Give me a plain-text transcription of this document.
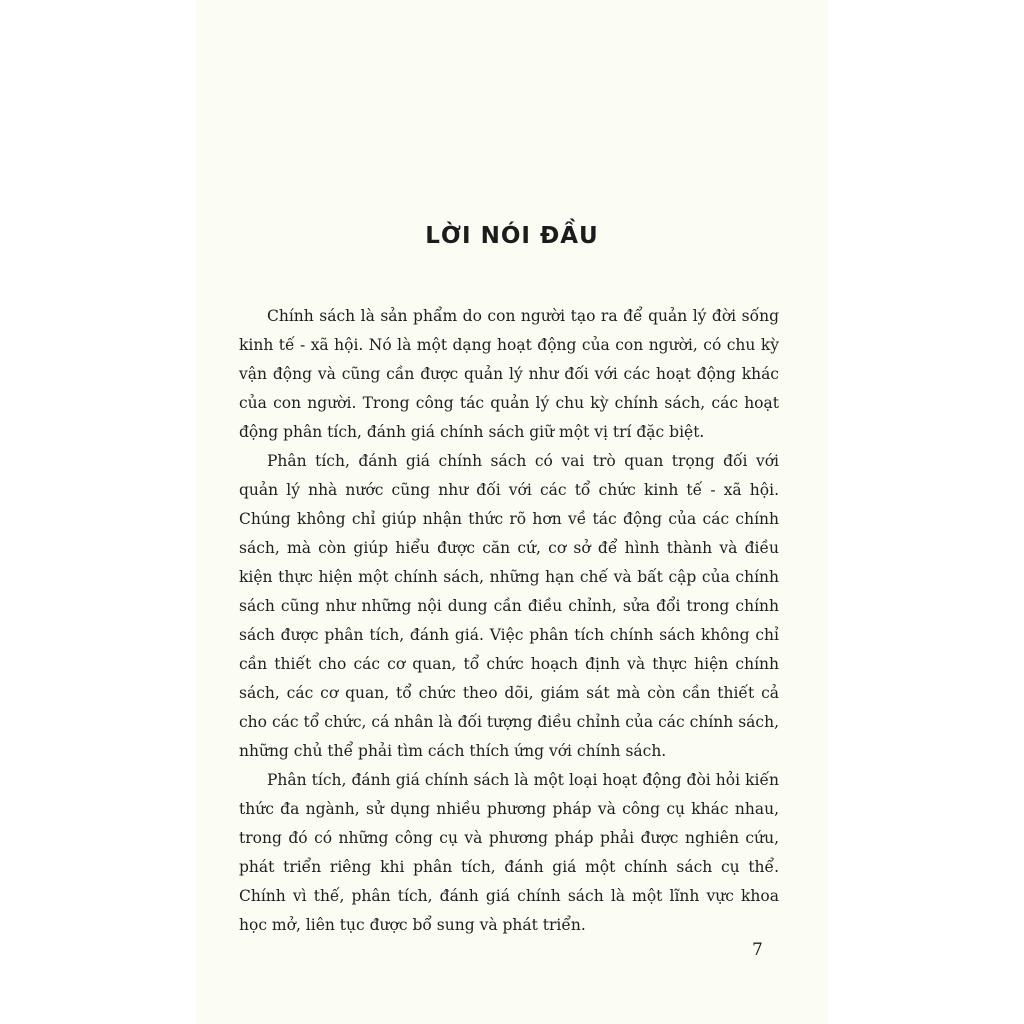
LỜI NÓI ĐẦU

Chính sách là sản phẩm do con người tạo ra để quản lý đời sống kinh tế - xã hội. Nó là một dạng hoạt động của con người, có chu kỳ vận động và cũng cần được quản lý như đối với các hoạt động khác của con người. Trong công tác quản lý chu kỳ chính sách, các hoạt động phân tích, đánh giá chính sách giữ một vị trí đặc biệt.

Phân tích, đánh giá chính sách có vai trò quan trọng đối với quản lý nhà nước cũng như đối với các tổ chức kinh tế - xã hội. Chúng không chỉ giúp nhận thức rõ hơn về tác động của các chính sách, mà còn giúp hiểu được căn cứ, cơ sở để hình thành và điều kiện thực hiện một chính sách, những hạn chế và bất cập của chính sách cũng như những nội dung cần điều chỉnh, sửa đổi trong chính sách được phân tích, đánh giá. Việc phân tích chính sách không chỉ cần thiết cho các cơ quan, tổ chức hoạch định và thực hiện chính sách, các cơ quan, tổ chức theo dõi, giám sát mà còn cần thiết cả cho các tổ chức, cá nhân là đối tượng điều chỉnh của các chính sách, những chủ thể phải tìm cách thích ứng với chính sách.

Phân tích, đánh giá chính sách là một loại hoạt động đòi hỏi kiến thức đa ngành, sử dụng nhiều phương pháp và công cụ khác nhau, trong đó có những công cụ và phương pháp phải được nghiên cứu, phát triển riêng khi phân tích, đánh giá một chính sách cụ thể. Chính vì thế, phân tích, đánh giá chính sách là một lĩnh vực khoa học mở, liên tục được bổ sung và phát triển.

7
